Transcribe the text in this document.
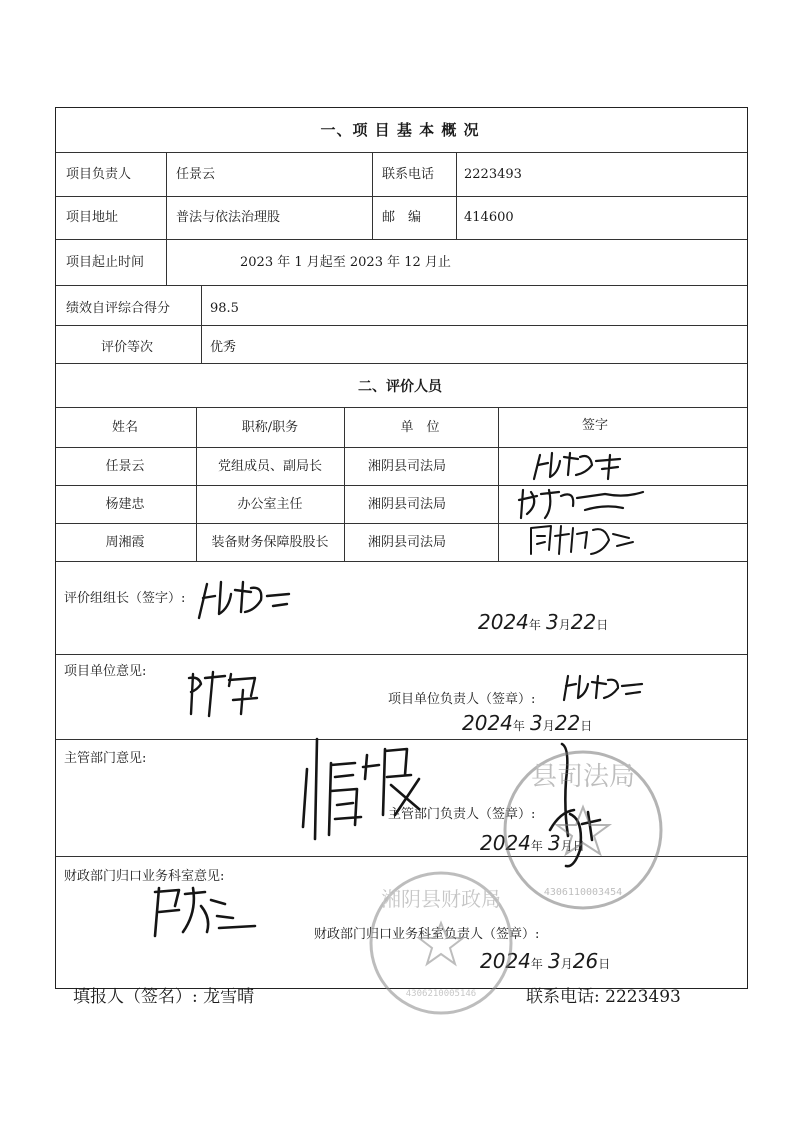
一、项 目 基 本 概 况
项目负责人	任景云	联系电话 2223493
项目地址	普法与依法治理股	邮　编	414600
项目起止时间	2023 年 1 月起至 2023 年 12 月止
绩效自评综合得分	98.5
评价等次	优秀
二、评价人员
姓名	职称/职务	单　位	签字
任景云	党组成员、副局长	湘阴县司法局
杨建忠	办公室主任	湘阴县司法局
周湘霞	装备财务保障股股长	湘阴县司法局
评价组组长（签字）:
2024年 3月22日
项目单位意见:
项目单位负责人（签章）:
2024年 3月22日
主管部门意见:
主管部门负责人（签章）:
2024年 3月日
财政部门归口业务科室意见:
财政部门归口业务科室负责人（签章）:
2024年 3月26日
县司法局
4306110003454
湘阴县财政局
4306210005146
填报人（签名）: 龙雪晴	联系电话: 2223493
